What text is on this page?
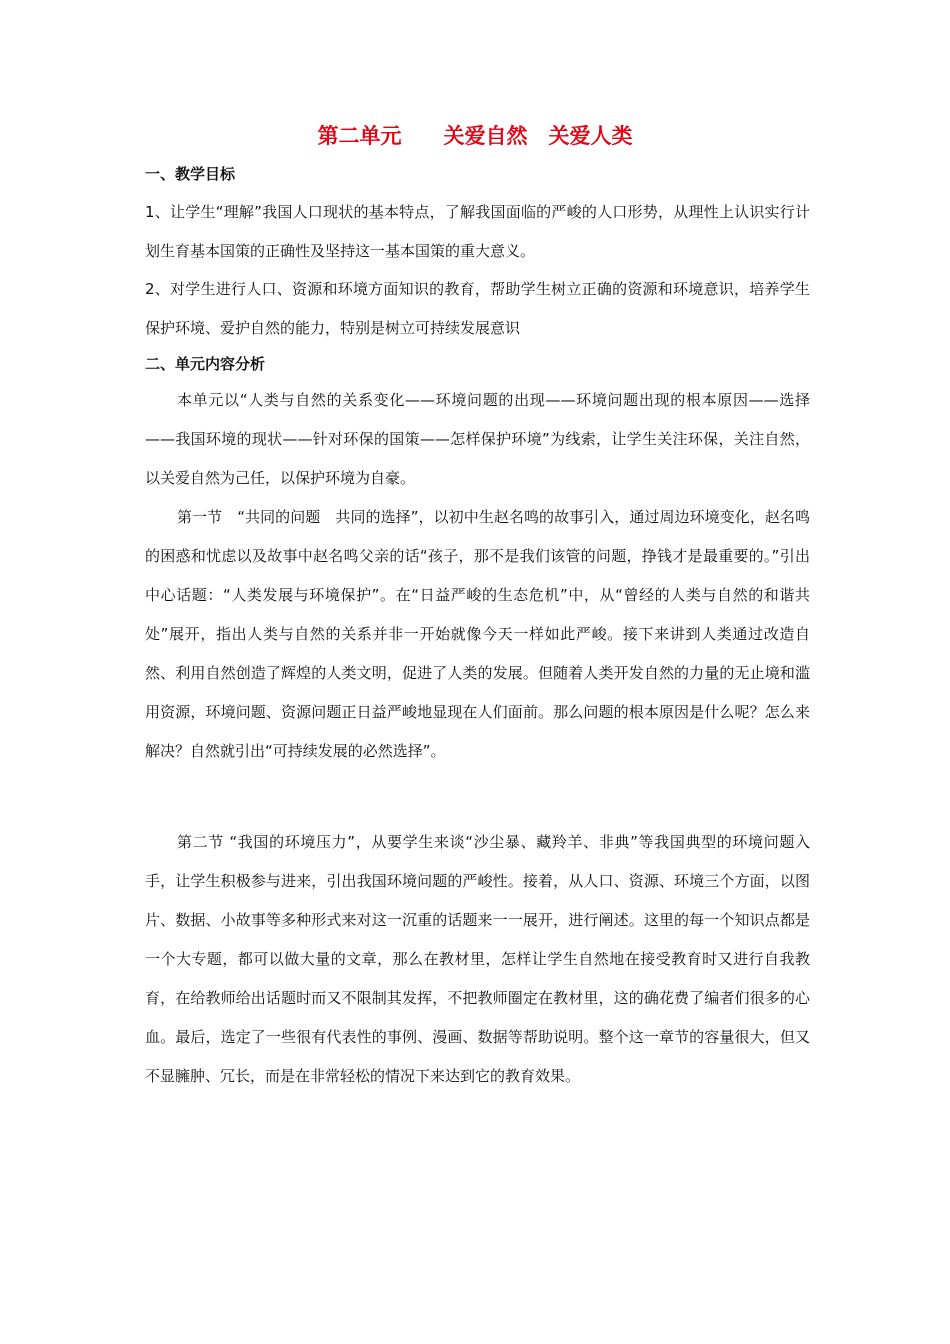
第二单元　　关爱自然　关爱人类
一、教学目标
1、让学生“理解”我国人口现状的基本特点，了解我国面临的严峻的人口形势，从理性上认识实行计划生育基本国策的正确性及坚持这一基本国策的重大意义。
2、对学生进行人口、资源和环境方面知识的教育，帮助学生树立正确的资源和环境意识，培养学生保护环境、爱护自然的能力，特别是树立可持续发展意识
二、单元内容分析
本单元以“人类与自然的关系变化——环境问题的出现——环境问题出现的根本原因——选择——我国环境的现状——针对环保的国策——怎样保护环境”为线索，让学生关注环保，关注自然，以关爱自然为己任，以保护环境为自豪。
第一节　“共同的问题　共同的选择”，以初中生赵名鸣的故事引入，通过周边环境变化，赵名鸣的困惑和忧虑以及故事中赵名鸣父亲的话“孩子，那不是我们该管的问题，挣钱才是最重要的。”引出中心话题：“人类发展与环境保护”。在“日益严峻的生态危机”中，从“曾经的人类与自然的和谐共处”展开，指出人类与自然的关系并非一开始就像今天一样如此严峻。接下来讲到人类通过改造自然、利用自然创造了辉煌的人类文明，促进了人类的发展。但随着人类开发自然的力量的无止境和滥用资源，环境问题、资源问题正日益严峻地显现在人们面前。那么问题的根本原因是什么呢？怎么来解决？自然就引出“可持续发展的必然选择”。
第二节 “我国的环境压力”，从要学生来谈“沙尘暴、藏羚羊、非典”等我国典型的环境问题入手，让学生积极参与进来，引出我国环境问题的严峻性。接着，从人口、资源、环境三个方面，以图片、数据、小故事等多种形式来对这一沉重的话题来一一展开，进行阐述。这里的每一个知识点都是一个大专题，都可以做大量的文章，那么在教材里，怎样让学生自然地在接受教育时又进行自我教育，在给教师给出话题时而又不限制其发挥，不把教师圈定在教材里，这的确花费了编者们很多的心血。最后，选定了一些很有代表性的事例、漫画、数据等帮助说明。整个这一章节的容量很大，但又不显臃肿、冗长，而是在非常轻松的情况下来达到它的教育效果。
